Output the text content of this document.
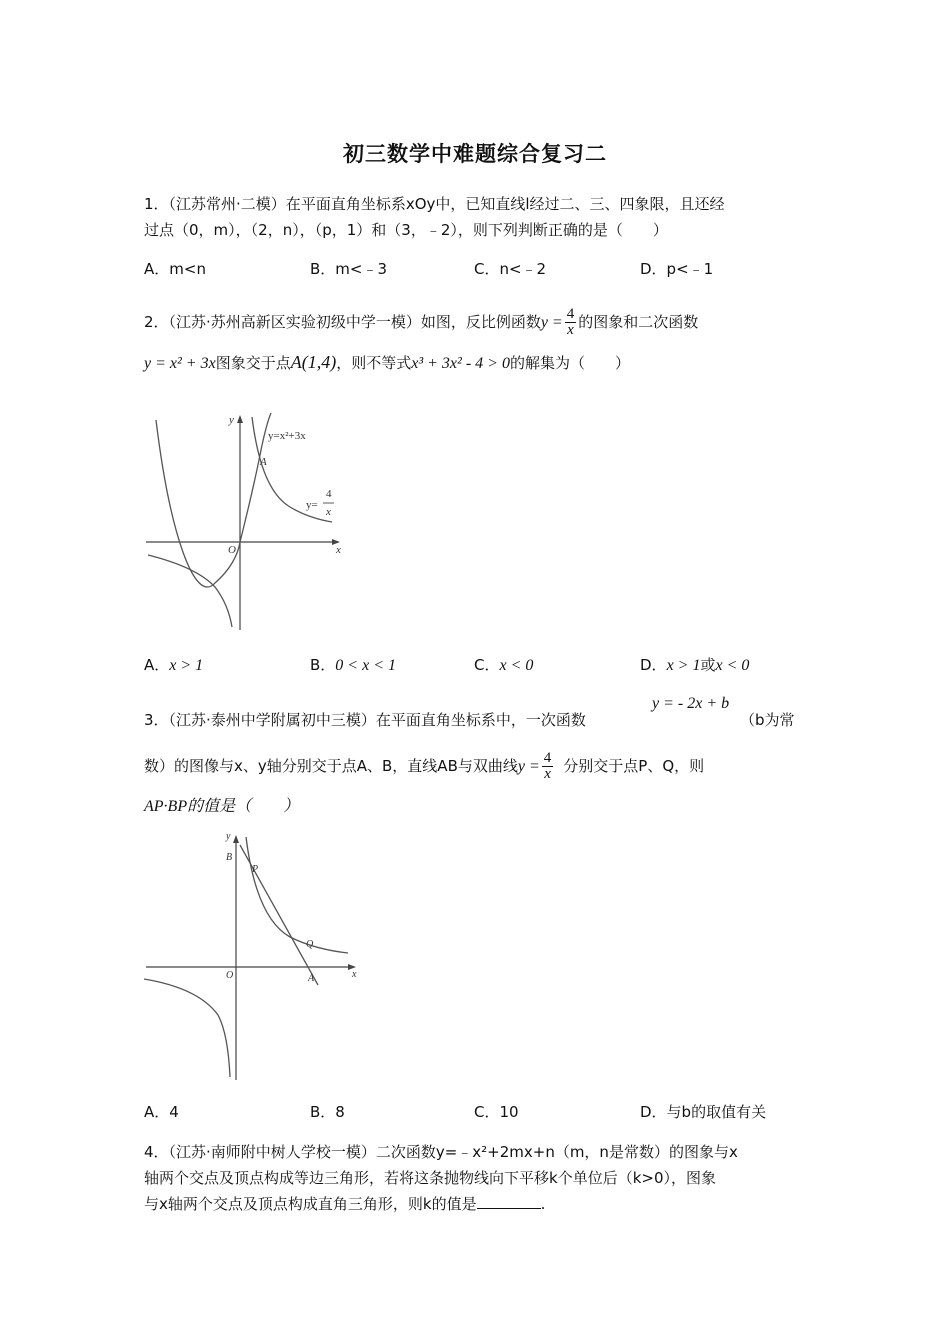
初三数学中难题综合复习二
1．（江苏常州·二模）在平面直角坐标系xOy中，已知直线l经过二、三、四象限，且还经
过点（0，m），（2，n），（p，1）和（3，﹣2），则下列判断正确的是（　　）
A．m<n	B．m<﹣3	C．n<﹣2	D．p<﹣1
2．（江苏·苏州高新区实验初级中学一模）如图，反比例函数$y = \frac{4}{x}$ 的图象和二次函数
y = x² + 3x图象交于点A(1,4)，则不等式x³ + 3x² - 4 > 0的解集为（　　）
y
x
O
A
y=x²+3x
y=
4
x
A．x > 1	B．0 < x < 1	C．x < 0	D．x > 1或x < 0
y = - 2x + b
3．（江苏·泰州中学附属初中三模）在平面直角坐标系中，一次函数	（b为常
数）的图像与x、y轴分别交于点A、B，直线AB与双曲线$y = \frac{4}{x}$ 分别交于点P、Q，则
AP·BP的值是（　　）
y
x
O
B
P
Q
A
A．4	B．8	C．10	D．与b的取值有关
4．（江苏·南师附中树人学校一模）二次函数y=﹣x²+2mx+n（m，n是常数）的图象与x
轴两个交点及顶点构成等边三角形，若将这条抛物线向下平移k个单位后（k>0），图象
与x轴两个交点及顶点构成直角三角形，则k的值是	.
